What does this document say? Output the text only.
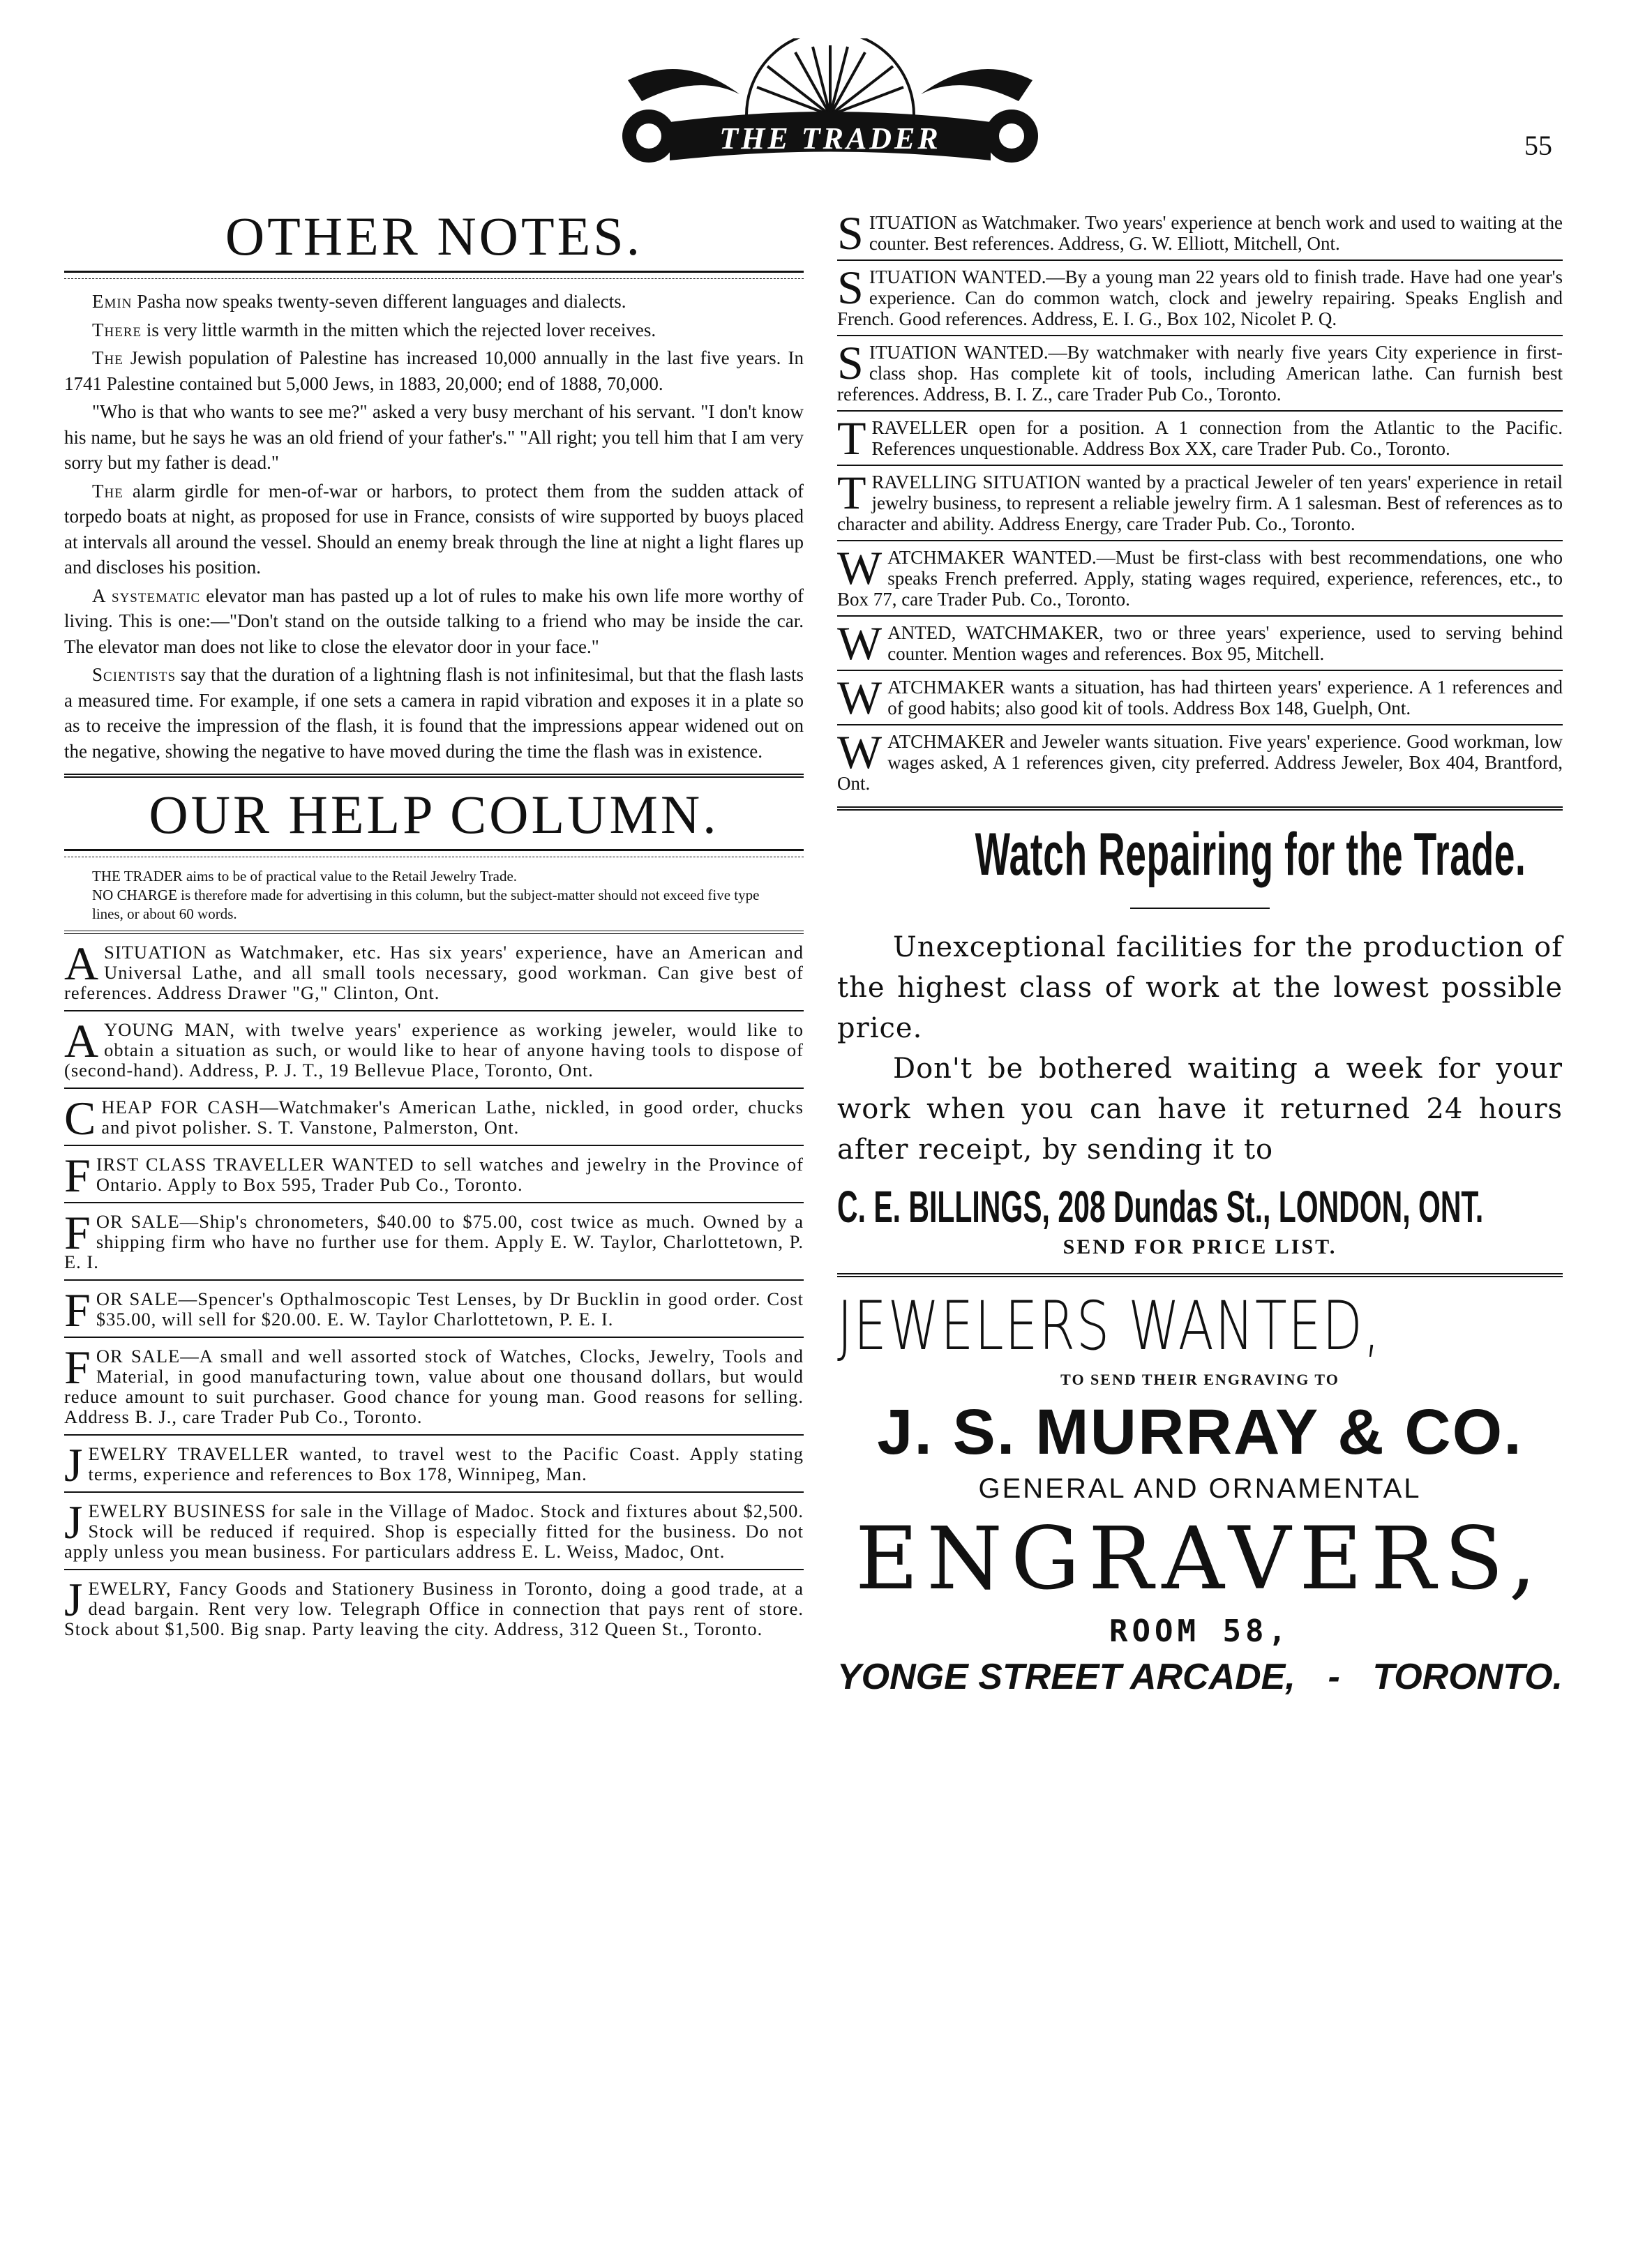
THE TRADER	55
OTHER NOTES.

Emin Pasha now speaks twenty-seven different languages and dialects.

There is very little warmth in the mitten which the rejected lover receives.

The Jewish population of Palestine has increased 10,000 annually in the last five years. In 1741 Palestine contained but 5,000 Jews, in 1883, 20,000; end of 1888, 70,000.

"Who is that who wants to see me?" asked a very busy merchant of his servant. "I don't know his name, but he says he was an old friend of your father's." "All right; you tell him that I am very sorry but my father is dead."

The alarm girdle for men-of-war or harbors, to protect them from the sudden attack of torpedo boats at night, as proposed for use in France, consists of wire supported by buoys placed at intervals all around the vessel. Should an enemy break through the line at night a light flares up and discloses his position.

A systematic elevator man has pasted up a lot of rules to make his own life more worthy of living. This is one:—"Don't stand on the outside talking to a friend who may be inside the car. The elevator man does not like to close the elevator door in your face."

Scientists say that the duration of a lightning flash is not infinitesimal, but that the flash lasts a measured time. For example, if one sets a camera in rapid vibration and exposes it in a plate so as to receive the impression of the flash, it is found that the impressions appear widened out on the negative, showing the negative to have moved during the time the flash was in existence.

OUR HELP COLUMN.

THE TRADER aims to be of practical value to the Retail Jewelry Trade.

NO CHARGE is therefore made for advertising in this column, but the subject-matter should not exceed five type lines, or about 60 words.

A SITUATION as Watchmaker, etc. Has six years' experience, have an American and Universal Lathe, and all small tools necessary, good workman. Can give best of references. Address Drawer "G," Clinton, Ont.

A YOUNG MAN, with twelve years' experience as working jeweler, would like to obtain a situation as such, or would like to hear of anyone having tools to dispose of (second-hand). Address, P. J. T., 19 Bellevue Place, Toronto, Ont.

CHEAP FOR CASH—Watchmaker's American Lathe, nickled, in good order, chucks and pivot polisher. S. T. Vanstone, Palmerston, Ont.

FIRST CLASS TRAVELLER WANTED to sell watches and jewelry in the Province of Ontario. Apply to Box 595, Trader Pub Co., Toronto.

FOR SALE—Ship's chronometers, $40.00 to $75.00, cost twice as much. Owned by a shipping firm who have no further use for them. Apply E. W. Taylor, Charlottetown, P. E. I.

FOR SALE—Spencer's Opthalmoscopic Test Lenses, by Dr Bucklin in good order. Cost $35.00, will sell for $20.00. E. W. Taylor Charlottetown, P. E. I.

FOR SALE—A small and well assorted stock of Watches, Clocks, Jewelry, Tools and Material, in good manufacturing town, value about one thousand dollars, but would reduce amount to suit purchaser. Good chance for young man. Good reasons for selling. Address B. J., care Trader Pub Co., Toronto.

JEWELRY TRAVELLER wanted, to travel west to the Pacific Coast. Apply stating terms, experience and references to Box 178, Winnipeg, Man.

JEWELRY BUSINESS for sale in the Village of Madoc. Stock and fixtures about $2,500. Stock will be reduced if required. Shop is especially fitted for the business. Do not apply unless you mean business. For particulars address E. L. Weiss, Madoc, Ont.

JEWELRY, Fancy Goods and Stationery Business in Toronto, doing a good trade, at a dead bargain. Rent very low. Telegraph Office in connection that pays rent of store. Stock about $1,500. Big snap. Party leaving the city. Address, 312 Queen St., Toronto.

SITUATION as Watchmaker. Two years' experience at bench work and used to waiting at the counter. Best references. Address, G. W. Elliott, Mitchell, Ont.

SITUATION WANTED.—By a young man 22 years old to finish trade. Have had one year's experience. Can do common watch, clock and jewelry repairing. Speaks English and French. Good references. Address, E. I. G., Box 102, Nicolet P. Q.

SITUATION WANTED.—By watchmaker with nearly five years City experience in first-class shop. Has complete kit of tools, including American lathe. Can furnish best references. Address, B. I. Z., care Trader Pub Co., Toronto.

TRAVELLER open for a position. A 1 connection from the Atlantic to the Pacific. References unquestionable. Address Box XX, care Trader Pub. Co., Toronto.

TRAVELLING SITUATION wanted by a practical Jeweler of ten years' experience in retail jewelry business, to represent a reliable jewelry firm. A 1 salesman. Best of references as to character and ability. Address Energy, care Trader Pub. Co., Toronto.

WATCHMAKER WANTED.—Must be first-class with best recommendations, one who speaks French preferred. Apply, stating wages required, experience, references, etc., to Box 77, care Trader Pub. Co., Toronto.

WANTED, WATCHMAKER, two or three years' experience, used to serving behind counter. Mention wages and references. Box 95, Mitchell.

WATCHMAKER wants a situation, has had thirteen years' experience. A 1 references and of good habits; also good kit of tools. Address Box 148, Guelph, Ont.

WATCHMAKER and Jeweler wants situation. Five years' experience. Good workman, low wages asked, A 1 references given, city preferred. Address Jeweler, Box 404, Brantford, Ont.

Watch Repairing for the Trade.

Unexceptional facilities for the production of the highest class of work at the lowest possible price.

Don't be bothered waiting a week for your work when you can have it returned 24 hours after receipt, by sending it to

C. E. BILLINGS, 208 Dundas St., LONDON, ONT.

SEND FOR PRICE LIST.

JEWELERS WANTED,

TO SEND THEIR ENGRAVING TO

J. S. MURRAY & CO.

GENERAL AND ORNAMENTAL

ENGRAVERS,

ROOM 58,

YONGE STREET ARCADE, - TORONTO.
